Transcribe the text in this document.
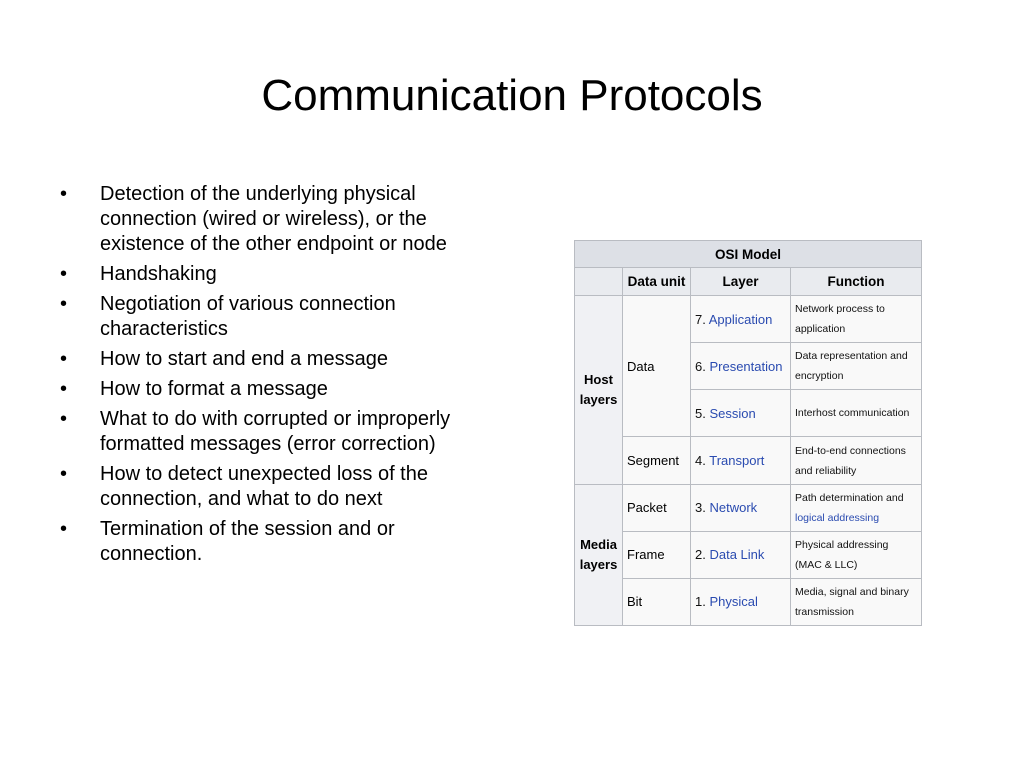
Communication Protocols
• Detection of the underlying physical connection (wired or wireless), or the existence of the other endpoint or node
• Handshaking
• Negotiation of various connection characteristics
• How to start and end a message
• How to format a message
• What to do with corrupted or improperly formatted messages (error correction)
• How to detect unexpected loss of the connection, and what to do next
• Termination of the session and or connection.
OSI Model			
	Data unit	Layer	Function
Host layers	Data	7. Application	Network process to application
		6. Presentation	Data representation and encryption
		5. Session	Interhost communication
	Segment	4. Transport	End-to-end connections and reliability
Media layers	Packet	3. Network	Path determination and logical addressing
	Frame	2. Data Link	Physical addressing (MAC & LLC)
	Bit	1. Physical	Media, signal and binary transmission
